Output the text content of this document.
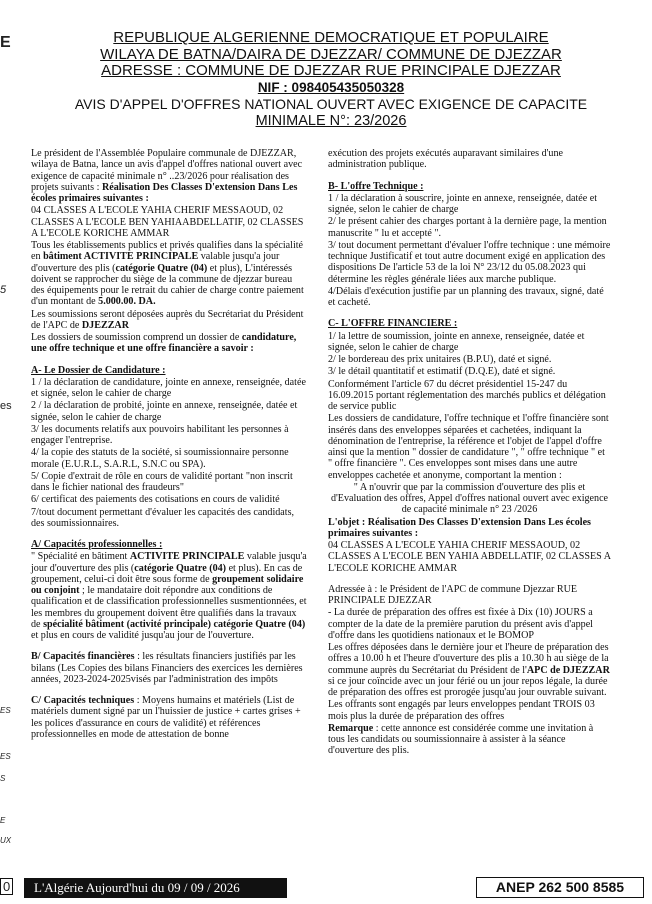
E
5
es
ES
ES
S
E
UX
0
REPUBLIQUE ALGERIENNE DEMOCRATIQUE ET POPULAIRE
WILAYA DE BATNA/DAIRA DE DJEZZAR/ COMMUNE DE DJEZZAR
ADRESSE : COMMUNE DE DJEZZAR RUE PRINCIPALE DJEZZAR
NIF : 098405435050328
AVIS D'APPEL D'OFFRES NATIONAL OUVERT AVEC EXIGENCE DE CAPACITE
MINIMALE N°: 23/2026

Le président de l'Assemblée Populaire communale de DJEZZAR, wilaya de Batna, lance un avis d'appel d'offres national ouvert avec exigence de capacité minimale n° ..23/2026 pour réalisation des projets suivants : Réalisation Des Classes D'extension Dans Les écoles primaires suivantes :

04 CLASSES A L'ECOLE YAHIA CHERIF MESSAOUD, 02 CLASSES A L'ECOLE BEN YAHIAABDELLATIF, 02 CLASSES A L'ECOLE KORICHE AMMAR

Tous les établissements publics et privés qualifies dans la spécialité en bâtiment ACTIVITE PRINCIPALE valable jusqu'a jour d'ouverture des plis (catégorie Quatre (04) et plus), L'intéressés doivent se rapprocher du siège de la commune de djezzar bureau des équipements pour le retrait du cahier de charge contre paiement d'un montant de 5.000.00. DA.

Les soumissions seront déposées auprès du Secrétariat du Président de l'APC de DJEZZAR

Les dossiers de soumission comprend un dossier de candidature, une offre technique et une offre financière a savoir :

A- Le Dossier de Candidature :

1 / la déclaration de candidature, jointe en annexe, renseignée, datée et signée, selon le cahier de charge

2 / la déclaration de probité, jointe en annexe, renseignée, datée et signée, selon le cahier de charge

3/ les documents relatifs aux pouvoirs habilitant les personnes à engager l'entreprise.

4/ la copie des statuts de la société, si soumissionnaire personne morale (E.U.R.L, S.A.R.L, S.N.C ou SPA).

5/ Copie d'extrait de rôle en cours de validité portant "non inscrit dans le fichier national des fraudeurs"

6/ certificat des paiements des cotisations en cours de validité

7/tout document permettant d'évaluer les capacités des candidats, des soumissionnaires.

A/ Capacités professionnelles :

" Spécialité en bâtiment ACTIVITE PRINCIPALE valable jusqu'a jour d'ouverture des plis (catégorie Quatre (04) et plus). En cas de groupement, celui-ci doit être sous forme de groupement solidaire ou conjoint ; le mandataire doit répondre aux conditions de qualification et de classification professionnelles susmentionnées, et les membres du groupement doivent être qualifiés dans la travaux de spécialité bâtiment (activité principale) catégorie Quatre (04) et plus en cours de validité jusqu'au jour de l'ouverture.

B/ Capacités financières : les résultats financiers justifiés par les bilans (Les Copies des bilans Financiers des exercices les dernières années, 2023-2024-2025visés par l'administration des impôts

C/ Capacités techniques : Moyens humains et matériels (List de matériels dument signé par un l'huissier de justice + cartes grises + les polices d'assurance en cours de validité) et références professionnelles en mode de attestation de bonne

exécution des projets exécutés auparavant similaires d'une administration publique.

B- L'offre Technique :

1 / la déclaration à souscrire, jointe en annexe, renseignée, datée et signée, selon le cahier de charge

2/ le présent cahier des charges portant à la dernière page, la mention manuscrite " lu et accepté ".

3/ tout document permettant d'évaluer l'offre technique : une mémoire technique Justificatif et tout autre document exigé en application des dispositions De l'article 53 de la loi N° 23/12 du 05.08.2023 qui détermine les règles générale liées aux marche publique.

4/Délais d'exécution justifie par un planning des travaux, signé, daté et cacheté.

C- L'OFFRE FINANCIERE :

1/ la lettre de soumission, jointe en annexe, renseignée, datée et signée, selon le cahier de charge

2/ le bordereau des prix unitaires (B.P.U), daté et signé.

3/ le détail quantitatif et estimatif (D.Q.E), daté et signé.

Conformément l'article 67 du décret présidentiel 15-247 du 16.09.2015 portant réglementation des marchés publics et délégation de service public

Les dossiers de candidature, l'offre technique et l'offre financière sont insérés dans des enveloppes séparées et cachetées, indiquant la dénomination de l'entreprise, la référence et l'objet de l'appel d'offre ainsi que la mention " dossier de candidature ", " offre technique " et " offre financière ". Ces enveloppes sont mises dans une autre enveloppes cachetée et anonyme, comportant la mention :

" A n'ouvrir que par la commission d'ouverture des plis et d'Evaluation des offres, Appel d'offres national ouvert avec exigence de capacité minimale n° 23 /2026

L'objet : Réalisation Des Classes D'extension Dans Les écoles primaires suivantes :

04 CLASSES A L'ECOLE YAHIA CHERIF MESSAOUD, 02 CLASSES A L'ECOLE BEN YAHIA ABDELLATIF, 02 CLASSES A L'ECOLE KORICHE AMMAR

Adressée à : le Président de l'APC de commune Djezzar RUE PRINCIPALE DJEZZAR

- La durée de préparation des offres est fixée à Dix (10) JOURS a compter de la date de la première parution du présent avis d'appel d'offre dans les quotidiens nationaux et le BOMOP

Les offres déposées dans le dernière jour et l'heure de préparation des offres a 10.00 h et l'heure d'ouverture des plis a 10.30 h au siège de la commune auprès du Secrétariat du Président de l'APC de DJEZZAR si ce jour coïncide avec un jour férié ou un jour repos légale, la durée de préparation des offres est prorogée jusqu'au jour ouvrable suivant.

Les offrants sont engagés par leurs enveloppes pendant TROIS 03 mois plus la durée de préparation des offres

Remarque : cette annonce est considérée comme une invitation à tous les candidats ou soumissionnaire à assister à la séance d'ouverture des plis.

L'Algérie Aujourd'hui du 09 / 09 / 2026	ANEP 262 500 8585
